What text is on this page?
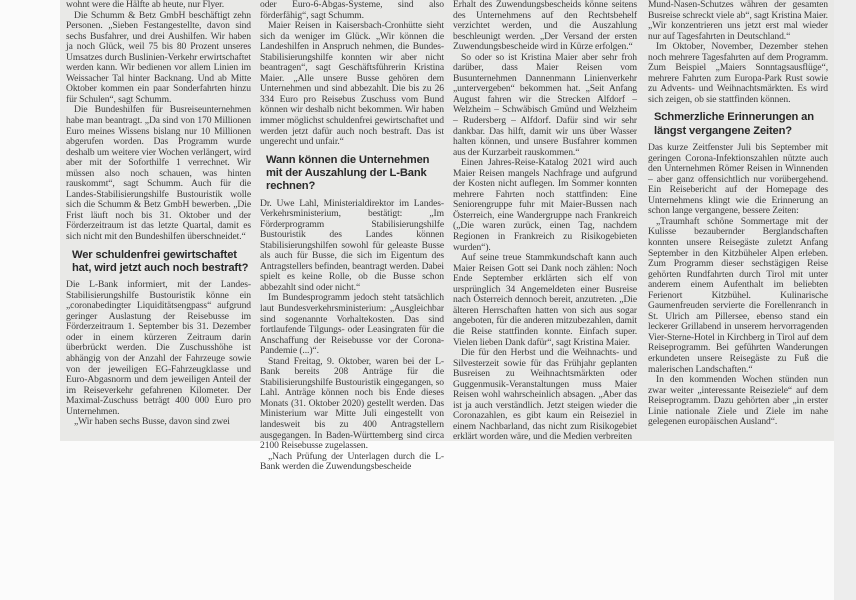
wohnt were die Hälfte ab heute, nur Flyer.

Die Schumm & Betz GmbH beschäftigt zehn Personen. „Sieben Festangestellte, davon sind sechs Busfahrer, und drei Aushilfen. Wir haben ja noch Glück, weil 75 bis 80 Prozent unseres Umsatzes durch Buslinien-Verkehr erwirtschaftet werden kann. Wir bedienen vor allem Linien im Weissacher Tal hinter Backnang. Und ab Mitte Oktober kommen ein paar Sonderfahrten hinzu für Schulen“, sagt Schumm.

Die Bundeshilfen für Busreiseunternehmen habe man beantragt. „Da sind von 170 Millionen Euro meines Wissens bislang nur 10 Millionen abgerufen worden. Das Programm wurde deshalb um weitere vier Wochen verlängert, wird aber mit der Soforthilfe 1 verrechnet. Wir müssen also noch schauen, was hinten rauskommt“, sagt Schumm. Auch für die Landes-Stabilisierungshilfe Bustouristik wolle sich die Schumm & Betz GmbH bewerben. „Die Frist läuft noch bis 31. Oktober und der Förderzeitraum ist das letzte Quartal, damit es sich nicht mit den Bundeshilfen überschneidet.“

Wer schuldenfrei gewirtschaftet hat, wird jetzt auch noch bestraft?

Die L-Bank informiert, mit der Landes-Stabilisierungshilfe Bustouristik könne ein „coronabedingter Liquiditätsengpass“ aufgrund geringer Auslastung der Reisebusse im Förderzeitraum 1. September bis 31. Dezember oder in einem kürzeren Zeitraum darin überbrückt werden. Die Zuschusshöhe ist abhängig von der Anzahl der Fahrzeuge sowie von der jeweiligen EG-Fahrzeugklasse und Euro-Abgasnorm und dem jeweiligen Anteil der im Reiseverkehr gefahrenen Kilometer. Der Maximal-Zuschuss beträgt 400 000 Euro pro Unternehmen.

„Wir haben sechs Busse, davon sind zwei

oder Euro-6-Abgas-Systeme, sind also förderfähig“, sagt Schumm.

Maier Reisen in Kaisersbach-Cronhütte sieht sich da weniger im Glück. „Wir können die Landeshilfen in Anspruch nehmen, die Bundes-Stabilisierungshilfe konnten wir aber nicht beantragen“, sagt Geschäftsführerin Kristina Maier. „Alle unsere Busse gehören dem Unternehmen und sind abbezahlt. Die bis zu 26 334 Euro pro Reisebus Zuschuss vom Bund können wir deshalb nicht bekommen. Wir haben immer möglichst schuldenfrei gewirtschaftet und werden jetzt dafür auch noch bestraft. Das ist ungerecht und unfair.“

Wann können die Unternehmen mit der Auszahlung der L-Bank rechnen?

Dr. Uwe Lahl, Ministerialdirektor im Landes-Verkehrsministerium, bestätigt: „Im Förderprogramm Stabilisierungshilfe Bustouristik des Landes können Stabilisierungshilfen sowohl für geleaste Busse als auch für Busse, die sich im Eigentum des Antragstellers befinden, beantragt werden. Dabei spielt es keine Rolle, ob die Busse schon abbezahlt sind oder nicht.“

Im Bundesprogramm jedoch steht tatsächlich laut Bundesverkehrsministerium: „Ausgleichbar sind sogenannte Vorhaltekosten. Das sind fortlaufende Tilgungs- oder Leasingraten für die Anschaffung der Reisebusse vor der Corona-Pandemie (...)“.

Stand Freitag, 9. Oktober, waren bei der L-Bank bereits 208 Anträge für die Stabilisierungshilfe Bustouristik eingegangen, so Lahl. Anträge können noch bis Ende dieses Monats (31. Oktober 2020) gestellt werden. Das Ministerium war Mitte Juli eingestellt von landesweit bis zu 400 Antragstellern ausgegangen. In Baden-Württemberg sind circa 2100 Reisebusse zugelassen.

„Nach Prüfung der Unterlagen durch die L-Bank werden die Zuwendungsbescheide

Erhalt des Zuwendungsbescheids könne seitens des Unternehmens auf den Rechtsbehelf verzichtet werden, und die Auszahlung beschleunigt werden. „Der Versand der ersten Zuwendungsbescheide wird in Kürze erfolgen.“

So oder so ist Kristina Maier aber sehr froh darüber, dass Maier Reisen vom Busunternehmen Dannenmann Linienverkehr „untervergeben“ bekommen hat. „Seit Anfang August fahren wir die Strecken Alfdorf – Welzheim – Schwäbisch Gmünd und Welzheim – Rudersberg – Alfdorf. Dafür sind wir sehr dankbar. Das hilft, damit wir uns über Wasser halten können, und unsere Busfahrer kommen aus der Kurzarbeit rauskommen.“

Einen Jahres-Reise-Katalog 2021 wird auch Maier Reisen mangels Nachfrage und aufgrund der Kosten nicht auflegen. Im Sommer konnten mehrere Fahrten noch stattfinden: Eine Seniorengruppe fuhr mit Maier-Bussen nach Österreich, eine Wandergruppe nach Frankreich („Die waren zurück, einen Tag, nachdem Regionen in Frankreich zu Risikogebieten wurden“).

Auf seine treue Stammkundschaft kann auch Maier Reisen Gott sei Dank noch zählen: Noch Ende September erklärten sich elf von ursprünglich 34 Angemeldeten einer Busreise nach Österreich dennoch bereit, anzutreten. „Die älteren Herrschaften hatten von sich aus sogar angeboten, für die anderen mitzubezahlen, damit die Reise stattfinden konnte. Einfach super. Vielen lieben Dank dafür“, sagt Kristina Maier.

Die für den Herbst und die Weihnachts- und Silvesterzeit sowie für das Frühjahr geplanten Busreisen zu Weihnachtsmärkten oder Guggenmusik-Veranstaltungen muss Maier Reisen wohl wahrscheinlich absagen. „Aber das ist ja auch verständlich. Jetzt steigen wieder die Coronazahlen, es gibt kaum ein Reiseziel in einem Nachbarland, das nicht zum Risikogebiet erklärt worden wäre, und die Medien verbreiten

Mund-Nasen-Schutzes währen der gesamten Busreise schreckt viele ab“, sagt Kristina Maier. „Wir konzentrieren uns jetzt erst mal wieder nur auf Tagesfahrten in Deutschland.“

Im Oktober, November, Dezember stehen noch mehrere Tagesfahrten auf dem Programm. Zum Beispiel „Maiers Sonntagsausflüge“, mehrere Fahrten zum Europa-Park Rust sowie zu Advents- und Weihnachtsmärkten. Es wird sich zeigen, ob sie stattfinden können.

Schmerzliche Erinnerungen an längst vergangene Zeiten?

Das kurze Zeitfenster Juli bis September mit geringen Corona-Infektionszahlen nützte auch den Unternehmen Römer Reisen in Winnenden – aber ganz offensichtlich nur vorübergehend. Ein Reisebericht auf der Homepage des Unternehmens klingt wie die Erinnerung an schon lange vergangene, bessere Zeiten:

„Traumhaft schöne Sommertage mit der Kulisse bezaubernder Berglandschaften konnten unsere Reisegäste zuletzt Anfang September in den Kitzbüheler Alpen erleben. Zum Programm dieser sechstägigen Reise gehörten Rundfahrten durch Tirol mit unter anderem einem Aufenthalt im beliebten Ferienort Kitzbühel. Kulinarische Gaumenfreuden servierte die Forellenranch in St. Ulrich am Pillersee, ebenso stand ein leckerer Grillabend in unserem hervorragenden Vier-Sterne-Hotel in Kirchberg in Tirol auf dem Reiseprogramm. Bei geführten Wanderungen erkundeten unsere Reisegäste zu Fuß die malerischen Landschaften.“

In den kommenden Wochen stünden nun zwar weiter „interessante Reiseziele“ auf dem Reiseprogramm. Dazu gehörten aber „in erster Linie nationale Ziele und Ziele im nahe gelegenen europäischen Ausland“.
